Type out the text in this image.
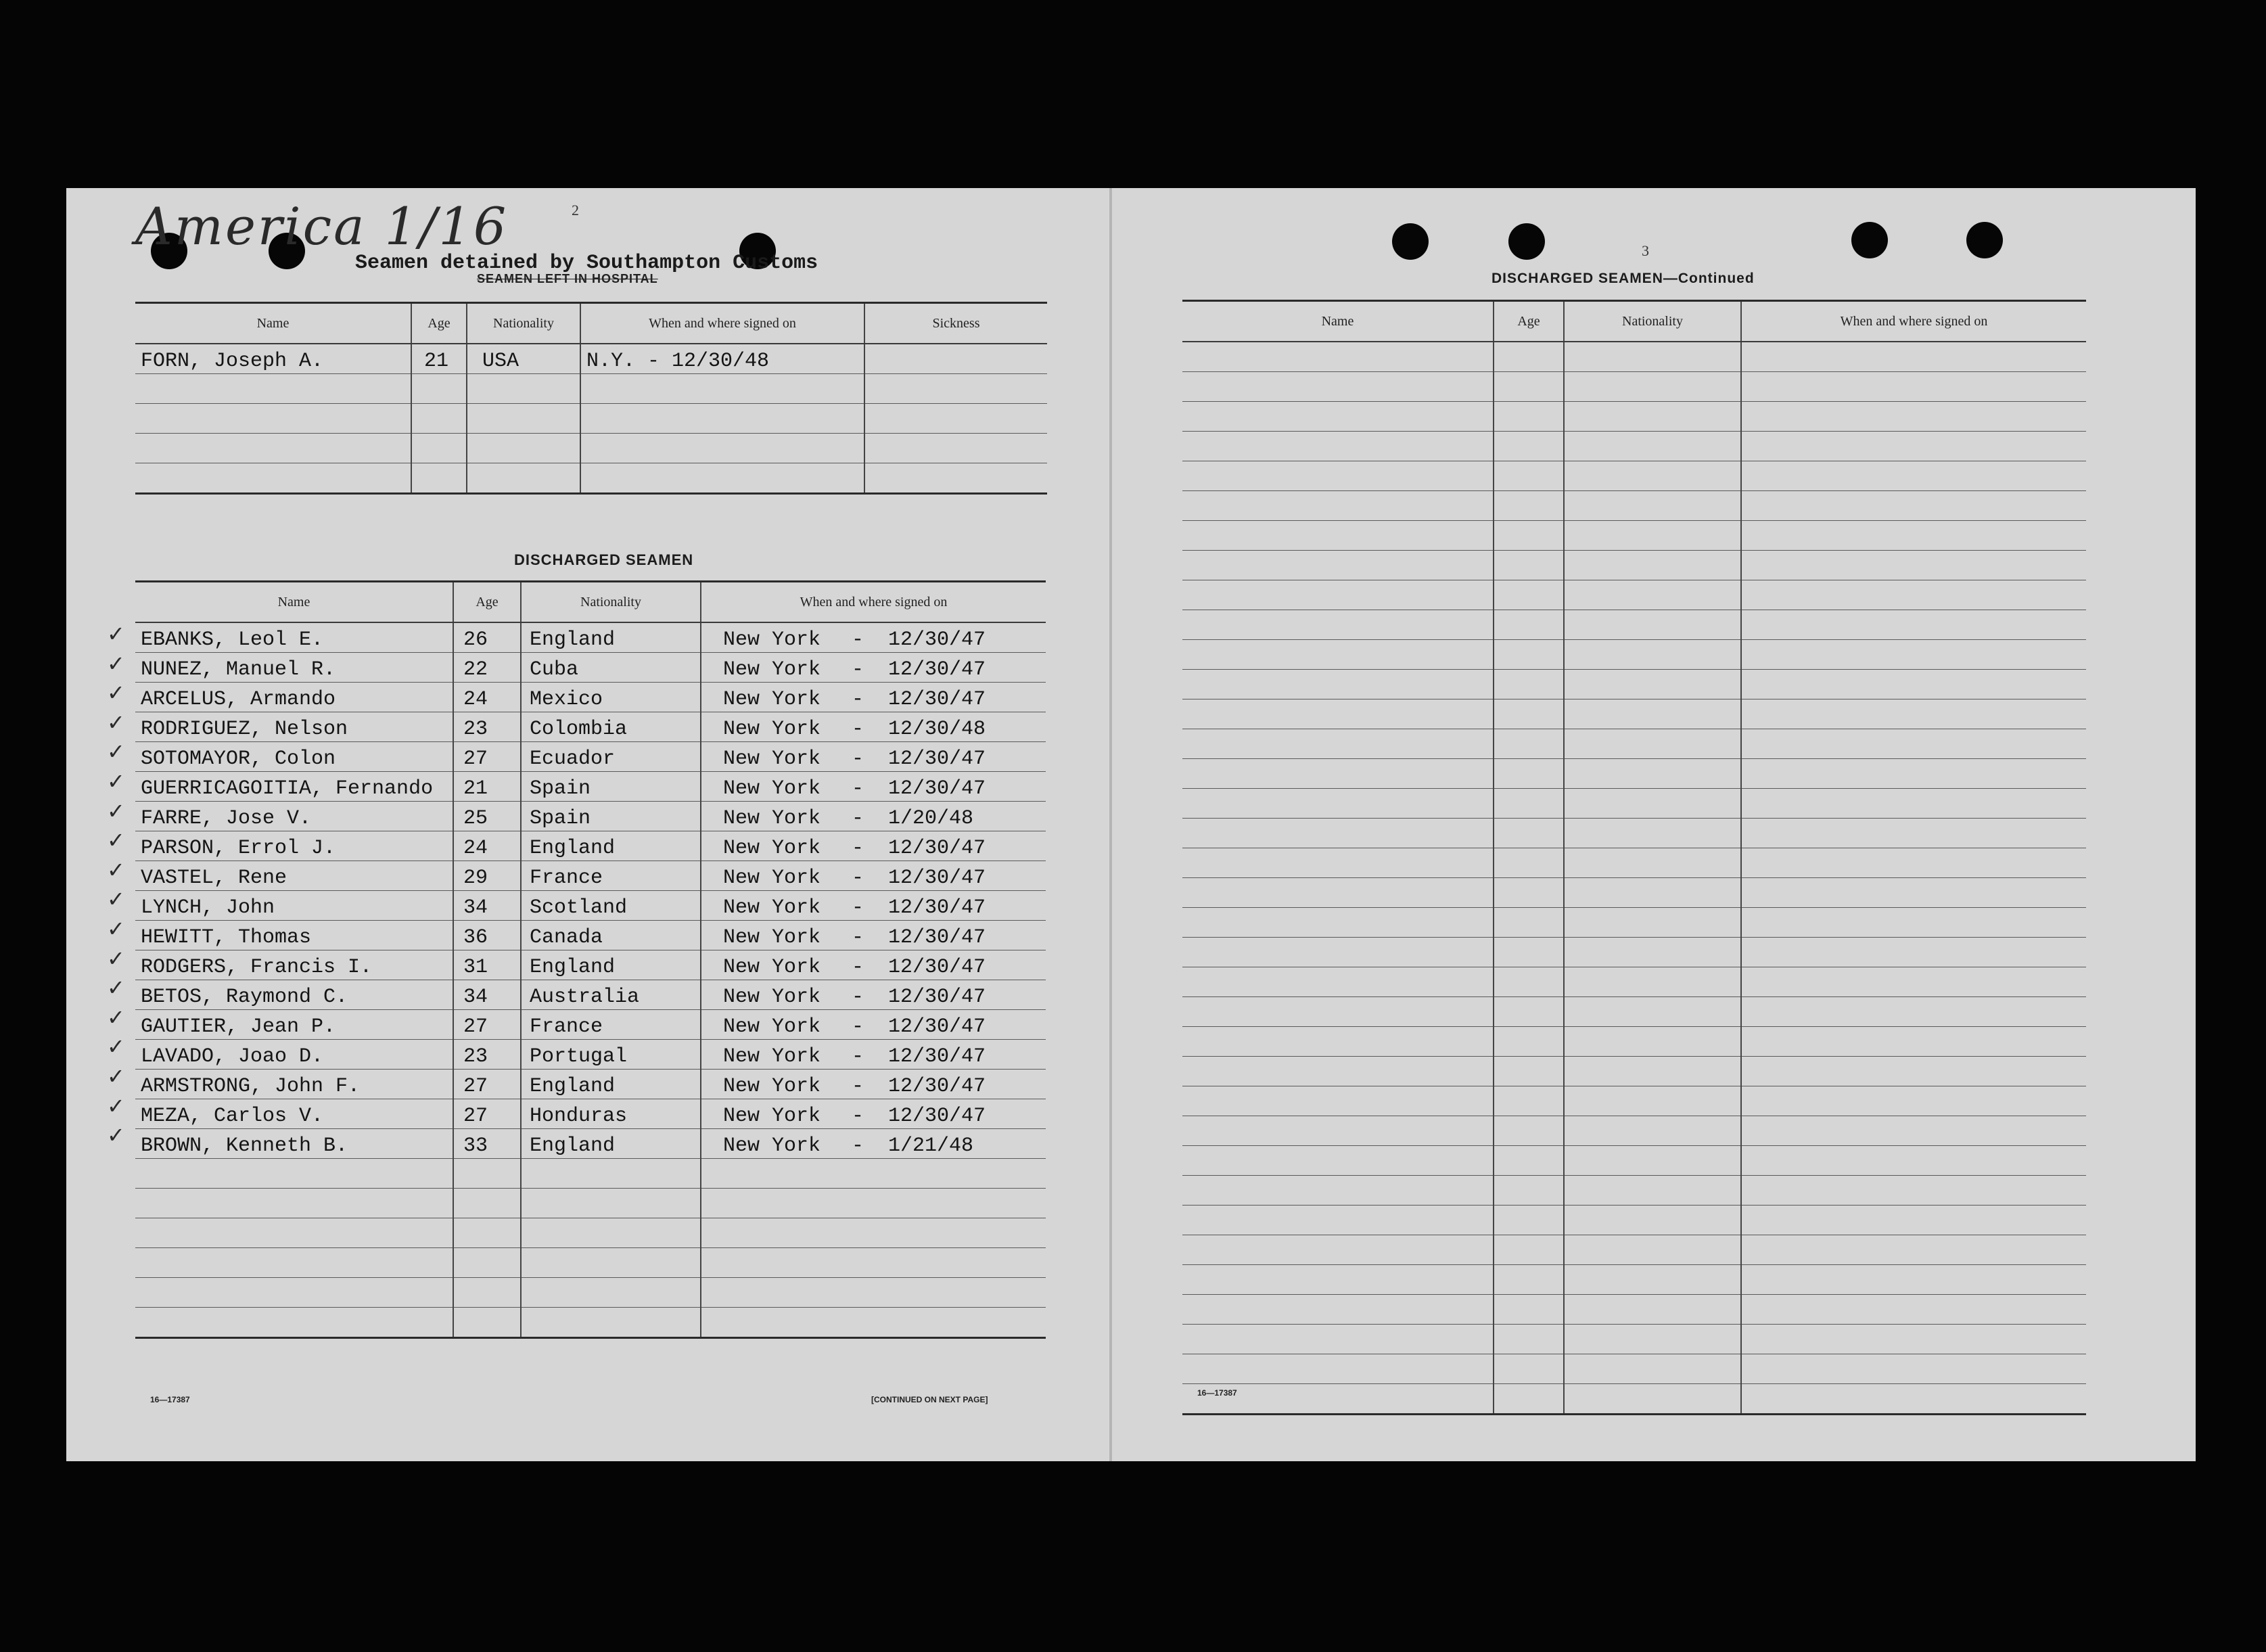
America 1/16	2
Seamen detained by Southampton Customs
SEAMEN LEFT IN HOSPITAL
Name	Age	Nationality	When and where signed on	Sickness
FORN, Joseph A.	21	USA	N.Y. - 12/30/48	

DISCHARGED SEAMEN
Name	Age	Nationality	When and where signed on
EBANKS, Leol E.	26	England	New York - 12/30/47
NUNEZ, Manuel R.	22	Cuba	New York - 12/30/47
ARCELUS, Armando	24	Mexico	New York - 12/30/47
RODRIGUEZ, Nelson	23	Colombia	New York - 12/30/48
SOTOMAYOR, Colon	27	Ecuador	New York - 12/30/47
GUERRICAGOITIA, Fernando	21	Spain	New York - 12/30/47
FARRE, Jose V.	25	Spain	New York - 1/20/48
PARSON, Errol J.	24	England	New York - 12/30/47
VASTEL, Rene	29	France	New York - 12/30/47
LYNCH, John	34	Scotland	New York - 12/30/47
HEWITT, Thomas	36	Canada	New York - 12/30/47
RODGERS, Francis I.	31	England	New York - 12/30/47
BETOS, Raymond C.	34	Australia	New York - 12/30/47
GAUTIER, Jean P.	27	France	New York - 12/30/47
LAVADO, Joao D.	23	Portugal	New York - 12/30/47
ARMSTRONG, John F.	27	England	New York - 12/30/47
MEZA, Carlos V.	27	Honduras	New York - 12/30/47
BROWN, Kenneth B.	33	England	New York - 1/21/48

16—17387	[CONTINUED ON NEXT PAGE]
✓
✓
✓
✓
✓
✓
✓
✓
✓
✓
✓
✓
✓
✓
✓
✓
✓
✓
3
DISCHARGED SEAMEN—Continued
Name	Age	Nationality	When and where signed on

16—17387
